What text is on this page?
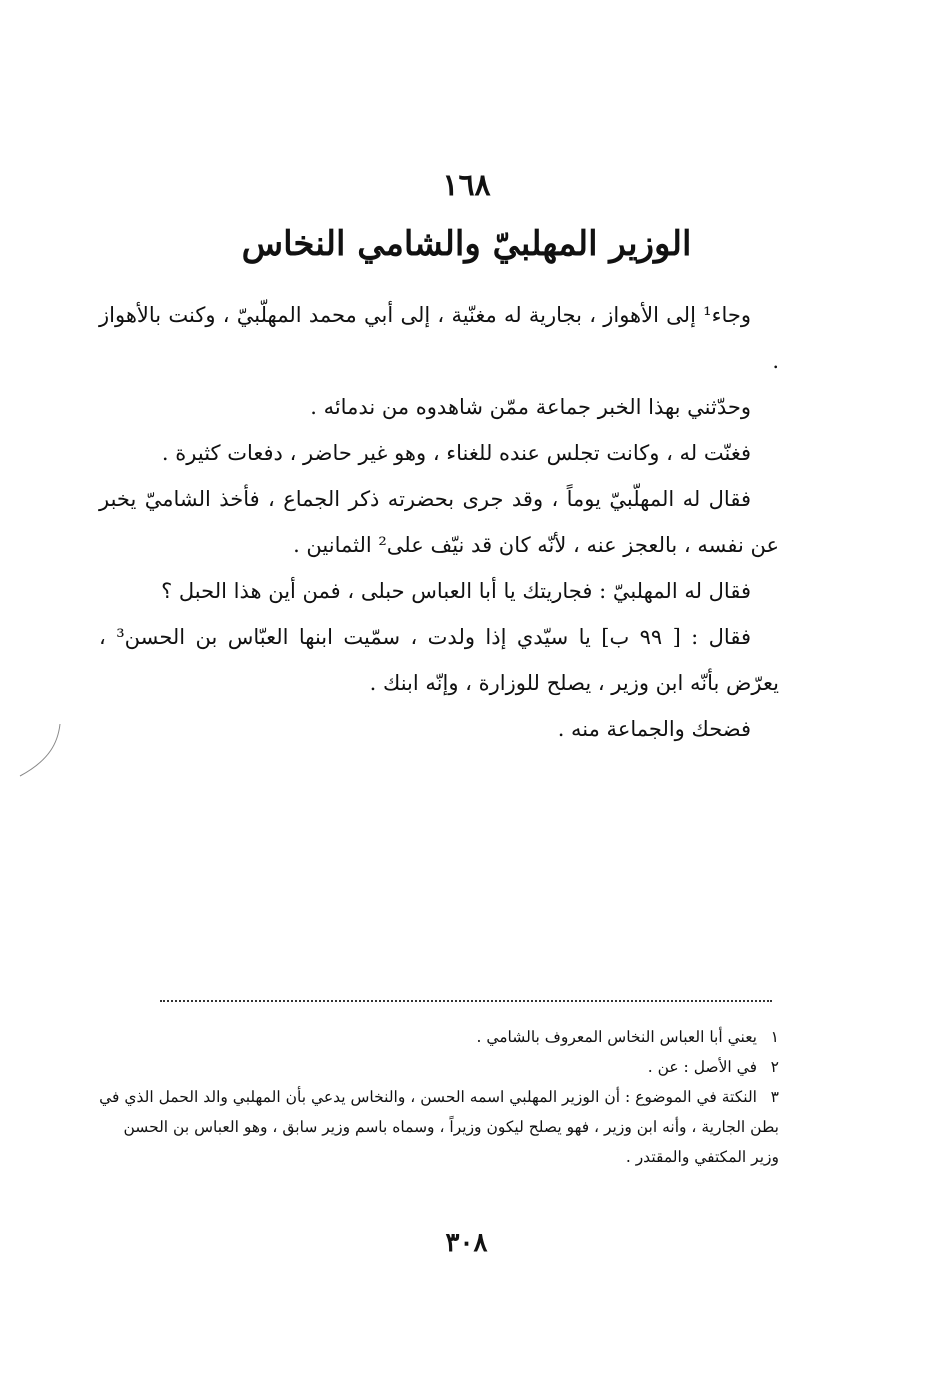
١٦٨
الوزير المهلبيّ والشامي النخاس

وجاء¹ إلى الأهواز ، بجارية له مغنّية ، إلى أبي محمد المهلّبيّ ، وكنت بالأهواز .

وحدّثني بهذا الخبر جماعة ممّن شاهدوه من ندمائه .

فغنّت له ، وكانت تجلس عنده للغناء ، وهو غير حاضر ، دفعات كثيرة .

فقال له المهلّبيّ يوماً ، وقد جرى بحضرته ذكر الجماع ، فأخذ الشاميّ يخبر عن نفسه ، بالعجز عنه ، لأنّه كان قد نيّف على² الثمانين .

فقال له المهلبيّ : فجاريتك يا أبا العباس حبلى ، فمن أين هذا الحبل ؟

فقال : [ ٩٩ ب] يا سيّدي إذا ولدت ، سمّيت ابنها العبّاس بن الحسن³ ، يعرّض بأنّه ابن وزير ، يصلح للوزارة ، وإنّه ابنك .

فضحك والجماعة منه .

١يعني أبا العباس النخاس المعروف بالشامي .
٢في الأصل : عن .
٣النكتة في الموضوع : أن الوزير المهلبي اسمه الحسن ، والنخاس يدعي بأن المهلبي والد الحمل الذي في بطن الجارية ، وأنه ابن وزير ، فهو يصلح ليكون وزيراً ، وسماه باسم وزير سابق ، وهو العباس بن الحسن وزير المكتفي والمقتدر .
٣٠٨
